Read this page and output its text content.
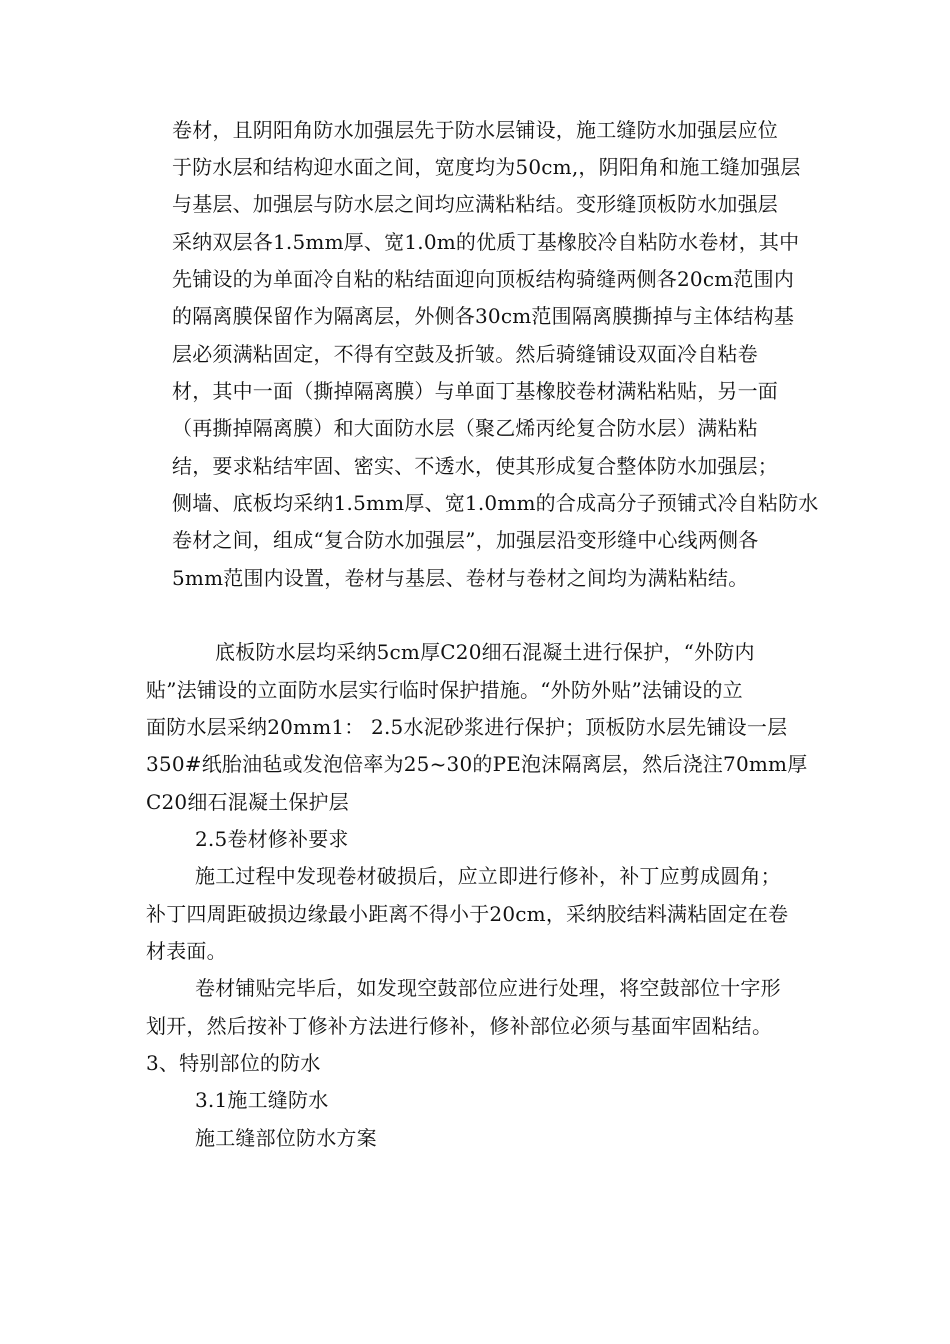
卷材，且阴阳角防水加强层先于防水层铺设，施工缝防水加强层应位
于防水层和结构迎水面之间，宽度均为50cm,，阴阳角和施工缝加强层
与基层、加强层与防水层之间均应满粘粘结。变形缝顶板防水加强层
采纳双层各1.5mm厚、宽1.0m的优质丁基橡胶冷自粘防水卷材，其中
先铺设的为单面冷自粘的粘结面迎向顶板结构骑缝两侧各20cm范围内
的隔离膜保留作为隔离层，外侧各30cm范围隔离膜撕掉与主体结构基
层必须满粘固定，不得有空鼓及折皱。然后骑缝铺设双面冷自粘卷
材，其中一面（撕掉隔离膜）与单面丁基橡胶卷材满粘粘贴，另一面
（再撕掉隔离膜）和大面防水层（聚乙烯丙纶复合防水层）满粘粘
结，要求粘结牢固、密实、不透水，使其形成复合整体防水加强层；
侧墙、底板均采纳1.5mm厚、宽1.0mm的合成高分子预铺式冷自粘防水
卷材之间，组成“复合防水加强层”，加强层沿变形缝中心线两侧各
5mm范围内设置，卷材与基层、卷材与卷材之间均为满粘粘结。
底板防水层均采纳5cm厚C20细石混凝土进行保护，“外防内
贴”法铺设的立面防水层实行临时保护措施。“外防外贴”法铺设的立
面防水层采纳20mm1： 2.5水泥砂浆进行保护；顶板防水层先铺设一层
350#纸胎油毡或发泡倍率为25~30的PE泡沫隔离层，然后浇注70mm厚
C20细石混凝土保护层
2.5卷材修补要求
施工过程中发现卷材破损后，应立即进行修补，补丁应剪成圆角；
补丁四周距破损边缘最小距离不得小于20cm，采纳胶结料满粘固定在卷
材表面。
卷材铺贴完毕后，如发现空鼓部位应进行处理，将空鼓部位十字形
划开，然后按补丁修补方法进行修补，修补部位必须与基面牢固粘结。
3、特别部位的防水
3.1施工缝防水
施工缝部位防水方案
